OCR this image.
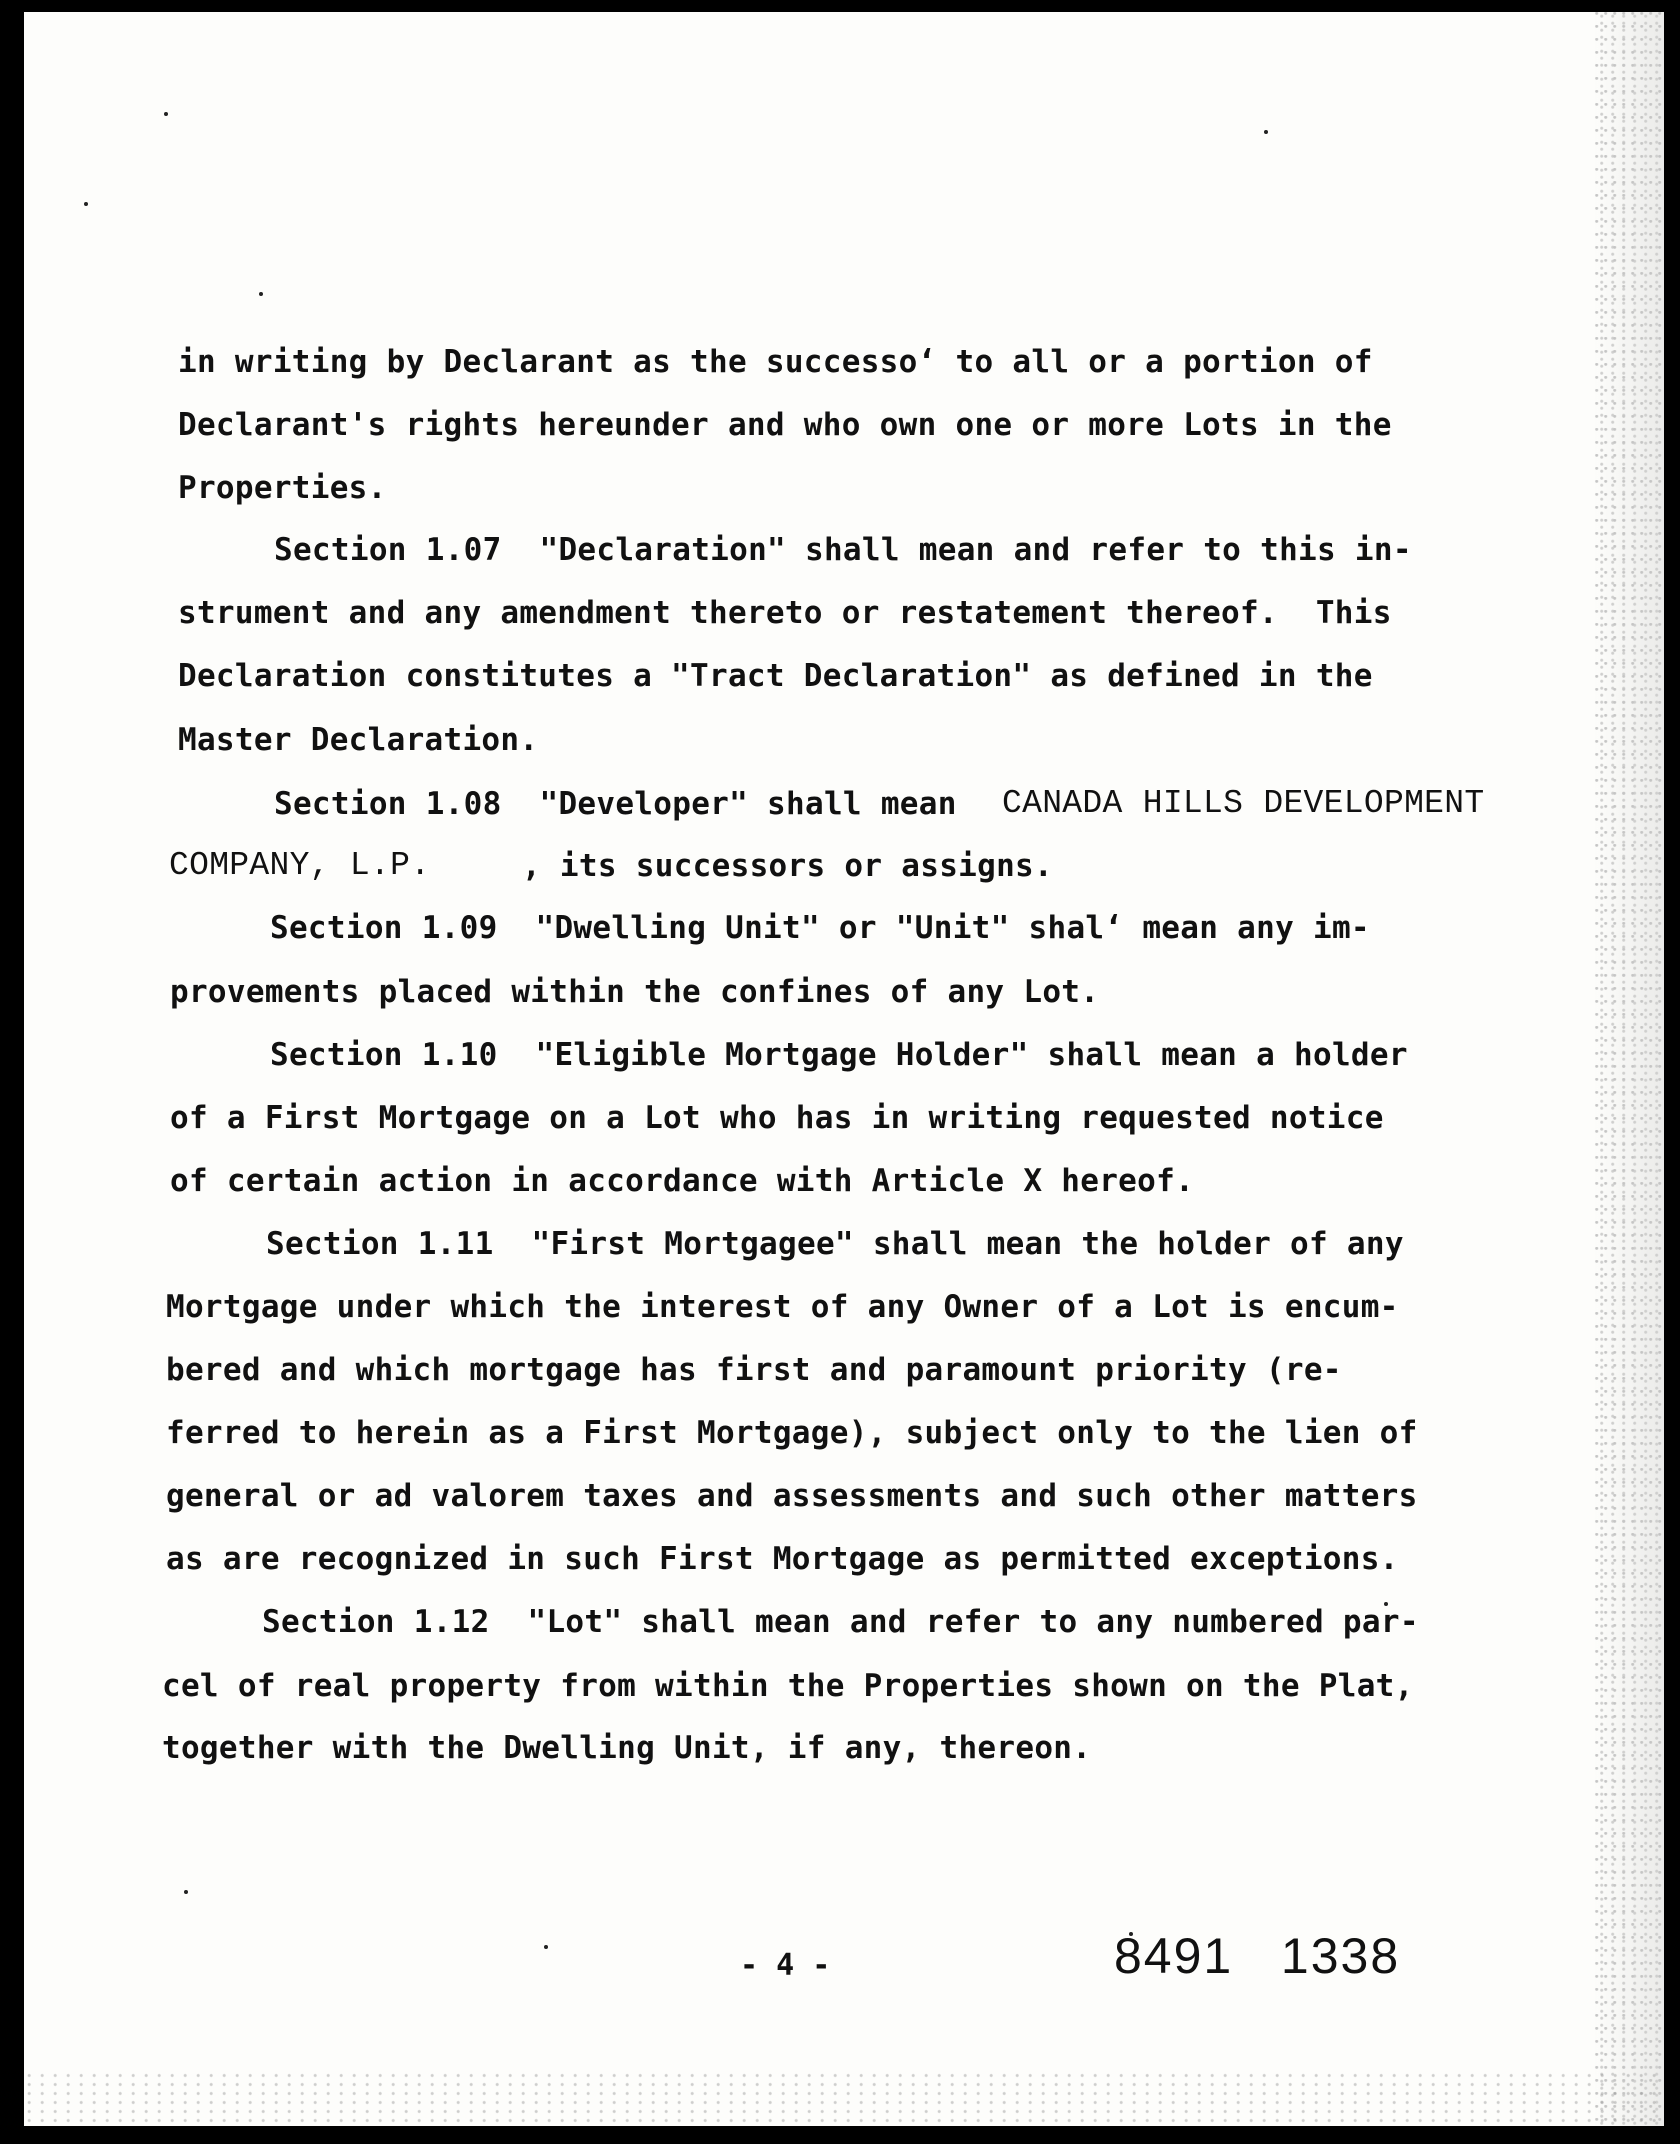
in writing by Declarant as the successoʻ to all or a portion of
Declarant's rights hereunder and who own one or more Lots in the
Properties.
Section 1.07  "Declaration" shall mean and refer to this in-
strument and any amendment thereto or restatement thereof.  This
Declaration constitutes a "Tract Declaration" as defined in the
Master Declaration.
Section 1.08  "Developer" shall mean CANADA HILLS DEVELOPMENT
COMPANY, L.P.	, its successors or assigns.
Section 1.09  "Dwelling Unit" or "Unit" shalʻ mean any im-
provements placed within the confines of any Lot.
Section 1.10  "Eligible Mortgage Holder" shall mean a holder
of a First Mortgage on a Lot who has in writing requested notice
of certain action in accordance with Article X hereof.
Section 1.11  "First Mortgagee" shall mean the holder of any
Mortgage under which the interest of any Owner of a Lot is encum-
bered and which mortgage has first and paramount priority (re-
ferred to herein as a First Mortgage), subject only to the lien of
general or ad valorem taxes and assessments and such other matters
as are recognized in such First Mortgage as permitted exceptions.
Section 1.12  "Lot" shall mean and refer to any numbered par-
cel of real property from within the Properties shown on the Plat,
together with the Dwelling Unit, if any, thereon.
- 4 -	8491   1338
